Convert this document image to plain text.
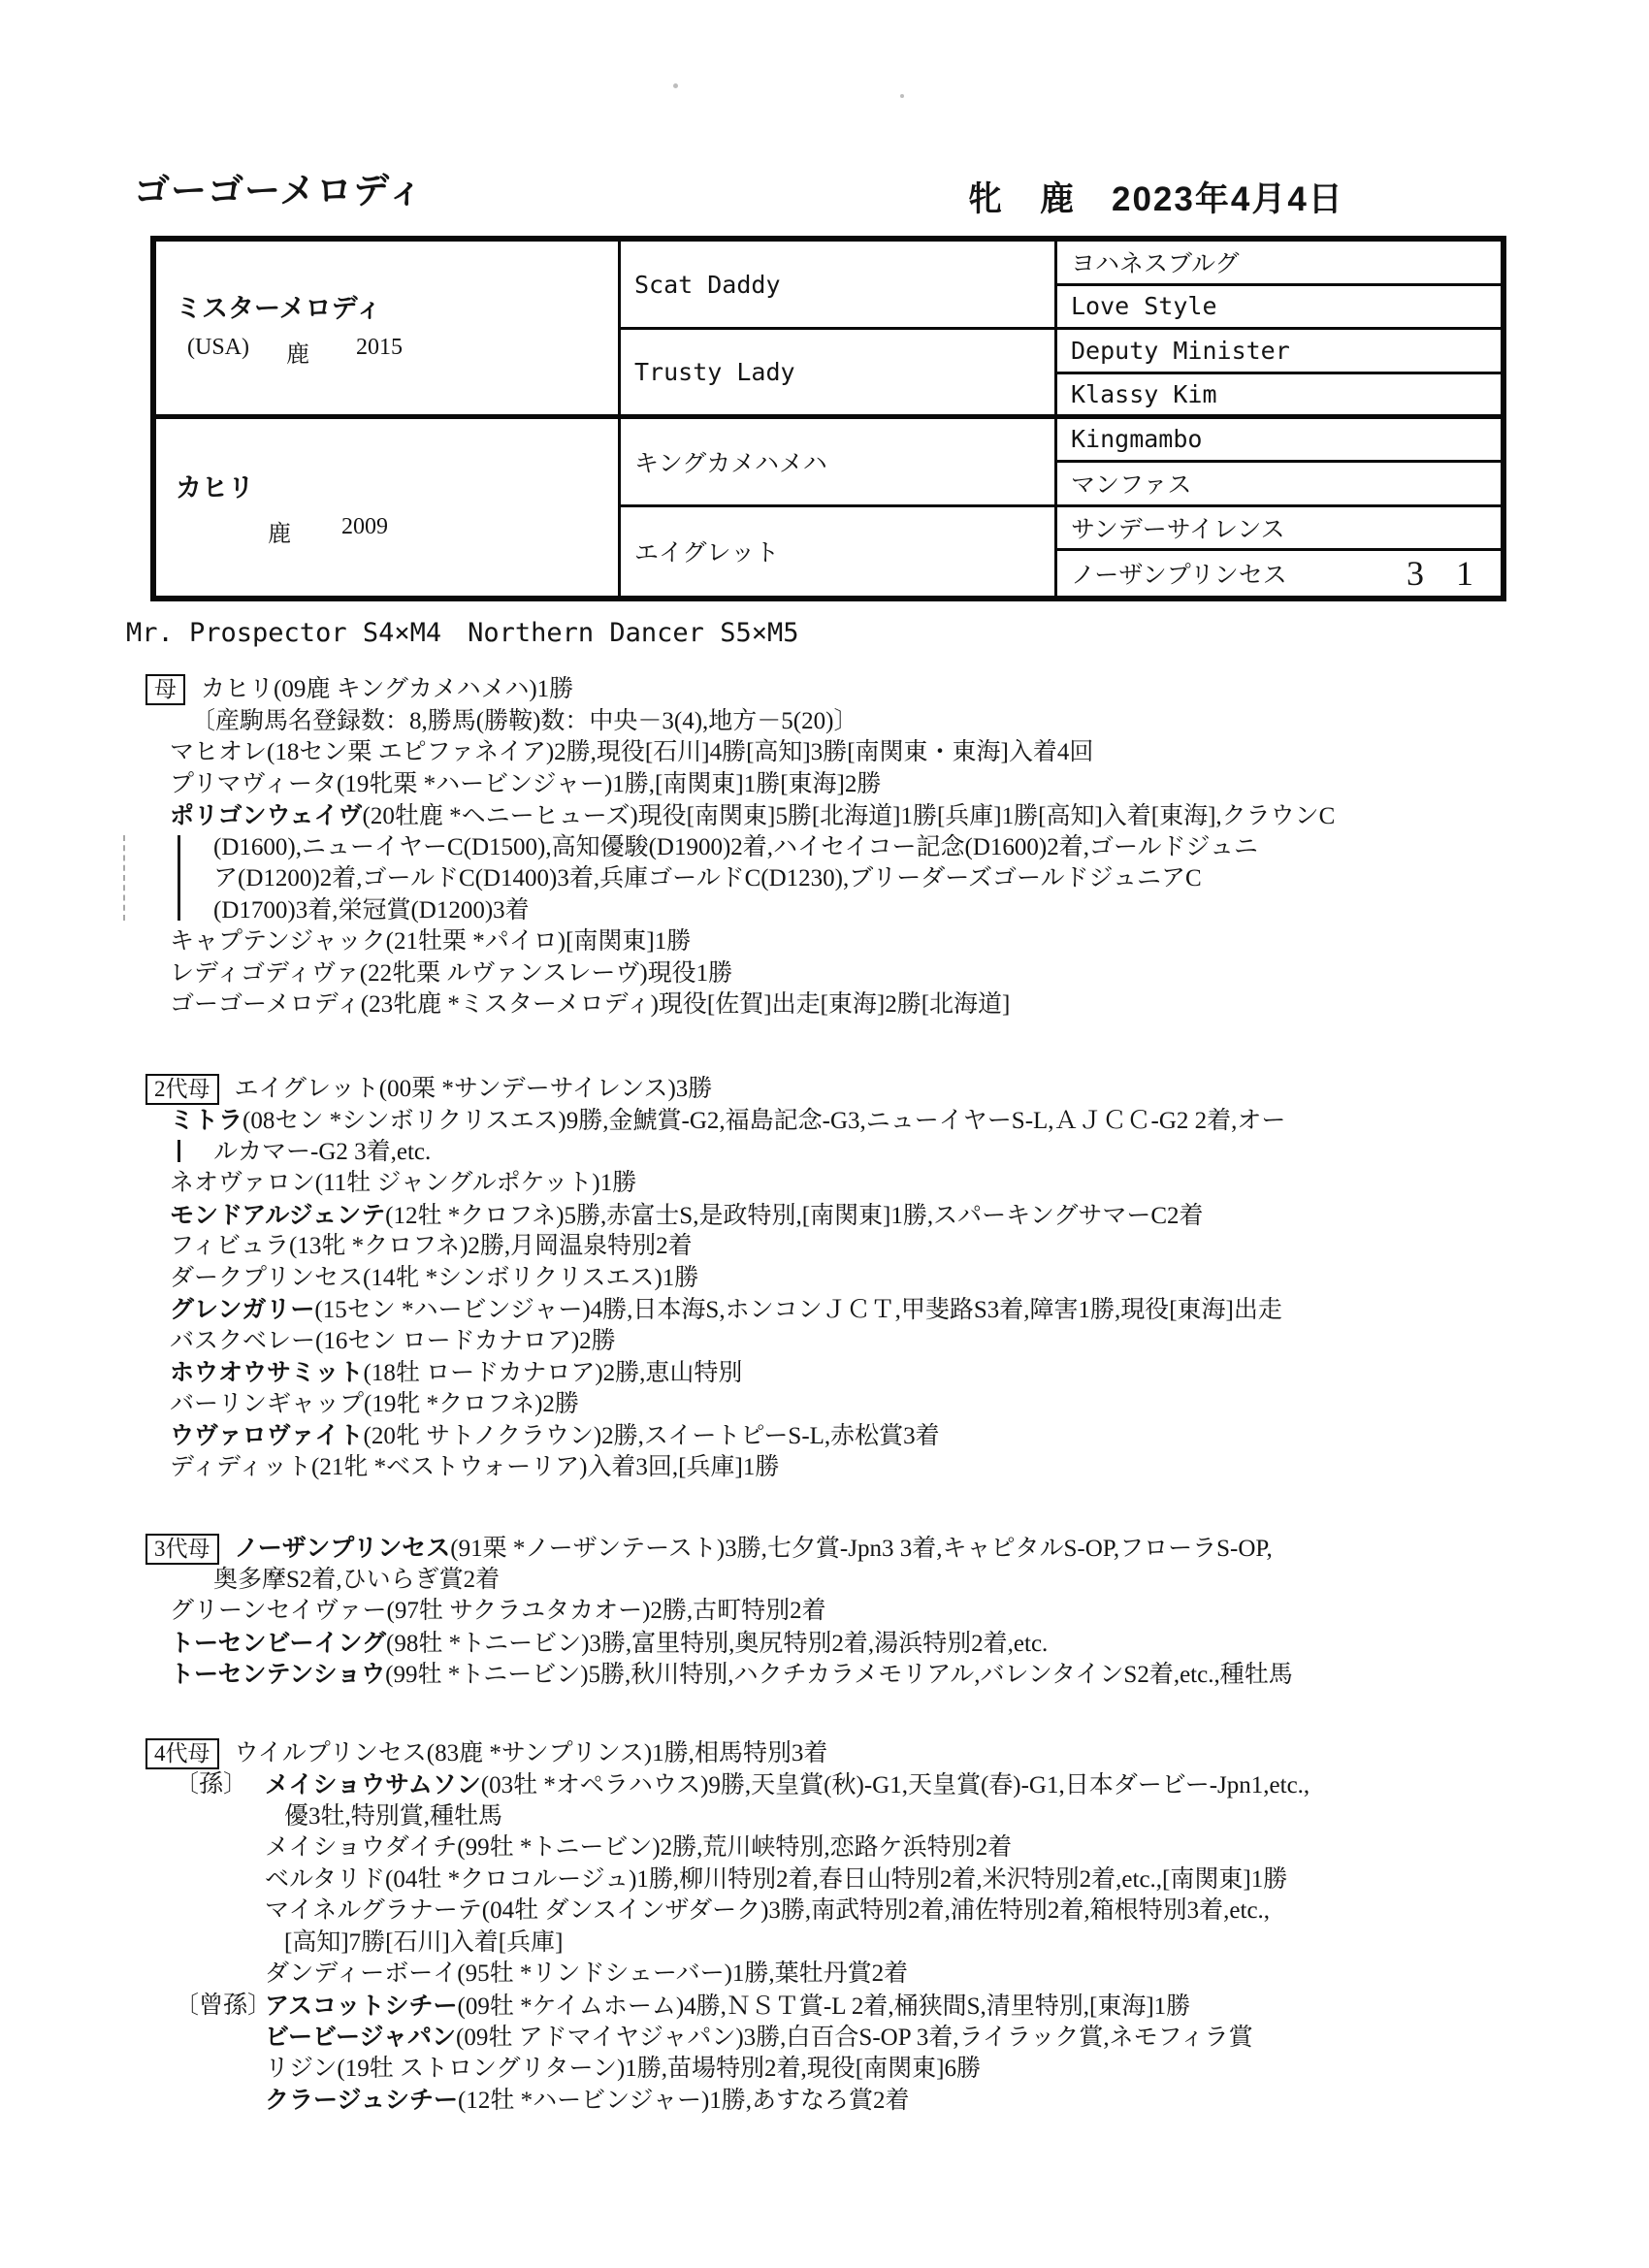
ゴーゴーメロディ	牝　鹿　2023年4月4日
ミスターメロディ
(USA) 鹿 2015
カヒリ
鹿 2009
Scat Daddy
Trusty Lady
キングカメハメハ
エイグレット
ヨハネスブルグ
Love Style
Deputy Minister
Klassy Kim
Kingmambo
マンファス
サンデーサイレンス
ノーザンプリンセス	3 1
Mr. Prospector S4×M4　Northern Dancer S5×M5
母 カヒリ(09鹿 キングカメハメハ)1勝
〔産駒馬名登録数：8,勝馬(勝鞍)数：中央－3(4),地方－5(20)〕
マヒオレ(18セン栗 エピファネイア)2勝,現役[石川]4勝[高知]3勝[南関東・東海]入着4回
プリマヴィータ(19牝栗 *ハービンジャー)1勝,[南関東]1勝[東海]2勝
ポリゴンウェイヴ(20牡鹿 *ヘニーヒューズ)現役[南関東]5勝[北海道]1勝[兵庫]1勝[高知]入着[東海],クラウンC
(D1600),ニューイヤーC(D1500),高知優駿(D1900)2着,ハイセイコー記念(D1600)2着,ゴールドジュニ
ア(D1200)2着,ゴールドC(D1400)3着,兵庫ゴールドC(D1230),ブリーダーズゴールドジュニアC
(D1700)3着,栄冠賞(D1200)3着
キャプテンジャック(21牡栗 *パイロ)[南関東]1勝
レディゴディヴァ(22牝栗 ルヴァンスレーヴ)現役1勝
ゴーゴーメロディ(23牝鹿 *ミスターメロディ)現役[佐賀]出走[東海]2勝[北海道]
2代母 エイグレット(00栗 *サンデーサイレンス)3勝
ミトラ(08セン *シンボリクリスエス)9勝,金鯱賞-G2,福島記念-G3,ニューイヤーS-L,ＡＪＣＣ-G2 2着,オー
ルカマー-G2 3着,etc.
ネオヴァロン(11牡 ジャングルポケット)1勝
モンドアルジェンテ(12牡 *クロフネ)5勝,赤富士S,是政特別,[南関東]1勝,スパーキングサマーC2着
フィビュラ(13牝 *クロフネ)2勝,月岡温泉特別2着
ダークプリンセス(14牝 *シンボリクリスエス)1勝
グレンガリー(15セン *ハービンジャー)4勝,日本海S,ホンコンＪＣＴ,甲斐路S3着,障害1勝,現役[東海]出走
バスクベレー(16セン ロードカナロア)2勝
ホウオウサミット(18牡 ロードカナロア)2勝,恵山特別
バーリンギャップ(19牝 *クロフネ)2勝
ウヴァロヴァイト(20牝 サトノクラウン)2勝,スイートピーS-L,赤松賞3着
ディディット(21牝 *ベストウォーリア)入着3回,[兵庫]1勝
3代母 ノーザンプリンセス(91栗 *ノーザンテースト)3勝,七夕賞-Jpn3 3着,キャピタルS-OP,フローラS-OP,
奥多摩S2着,ひいらぎ賞2着
グリーンセイヴァー(97牡 サクラユタカオー)2勝,古町特別2着
トーセンビーイング(98牡 *トニービン)3勝,富里特別,奥尻特別2着,湯浜特別2着,etc.
トーセンテンショウ(99牡 *トニービン)5勝,秋川特別,ハクチカラメモリアル,バレンタインS2着,etc.,種牡馬
4代母 ウイルプリンセス(83鹿 *サンプリンス)1勝,相馬特別3着
メイショウサムソン(03牡 *オペラハウス)9勝,天皇賞(秋)-G1,天皇賞(春)-G1,日本ダービー-Jpn1,etc.,
〔孫〕
優3牡,特別賞,種牡馬
メイショウダイチ(99牡 *トニービン)2勝,荒川峡特別,恋路ケ浜特別2着
ベルタリド(04牡 *クロコルージュ)1勝,柳川特別2着,春日山特別2着,米沢特別2着,etc.,[南関東]1勝
マイネルグラナーテ(04牡 ダンスインザダーク)3勝,南武特別2着,浦佐特別2着,箱根特別3着,etc.,
[高知]7勝[石川]入着[兵庫]
ダンディーボーイ(95牡 *リンドシェーバー)1勝,葉牡丹賞2着
アスコットシチー(09牡 *ケイムホーム)4勝,ＮＳＴ賞-L 2着,桶狭間S,清里特別,[東海]1勝
〔曾孫〕
ビービージャパン(09牡 アドマイヤジャパン)3勝,白百合S-OP 3着,ライラック賞,ネモフィラ賞
リジン(19牡 ストロングリターン)1勝,苗場特別2着,現役[南関東]6勝
クラージュシチー(12牡 *ハービンジャー)1勝,あすなろ賞2着
